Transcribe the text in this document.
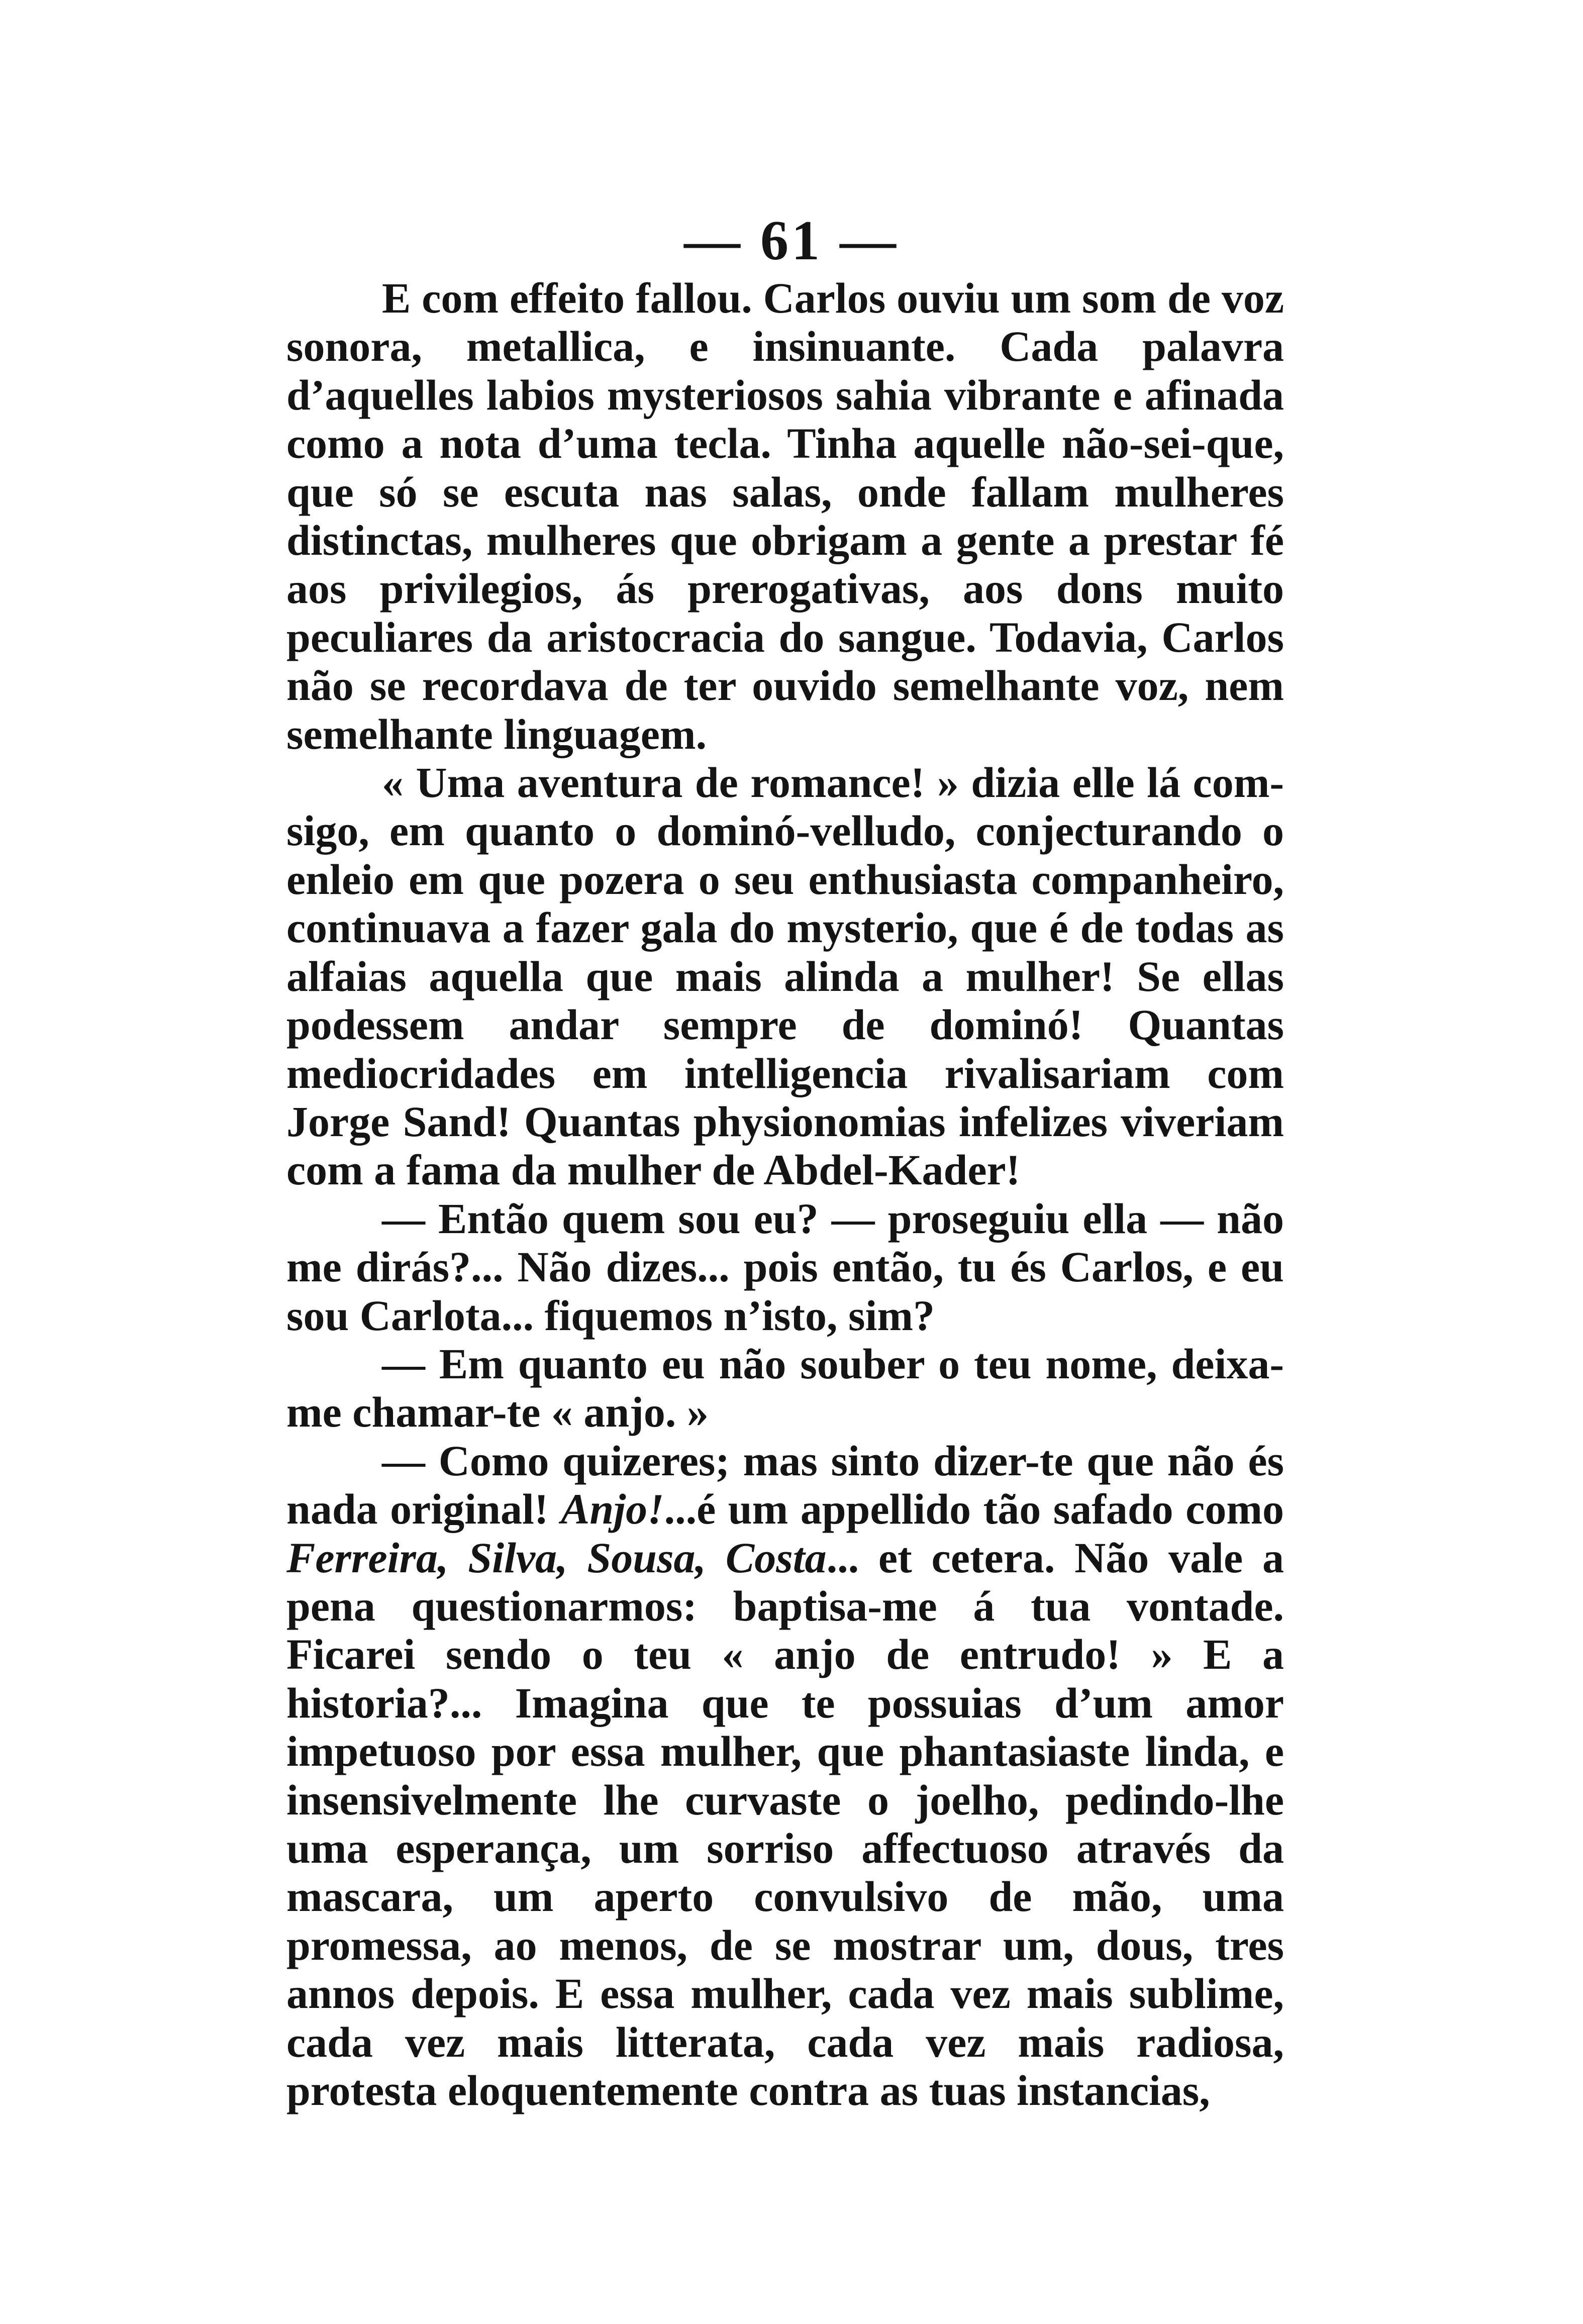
— 61 —

E com effeito fallou. Carlos ouviu um som de voz sonora, metallica, e insinuante. Cada palavra d’aquelles labios mysteriosos sahia vibrante e afinada como a nota d’uma tecla. Tinha aquelle não-sei-que, que só se escuta nas salas, onde fallam mulheres distinctas, mulheres que obrigam a gente a prestar fé aos privilegios, ás prerogativas, aos dons muito peculiares da aristocracia do sangue. Todavia, Carlos não se recordava de ter ouvido semelhante voz, nem semelhante linguagem.

« Uma aventura de romance! » dizia elle lá comsigo, em quanto o dominó-velludo, conjecturando o enleio em que pozera o seu enthusiasta companheiro, continuava a fazer gala do mysterio, que é de todas as alfaias aquella que mais alinda a mulher! Se ellas podessem andar sempre de dominó! Quantas mediocridades em intelligencia rivalisariam com Jorge Sand! Quantas physionomias infelizes viveriam com a fama da mulher de Abdel-Kader!

— Então quem sou eu? — proseguiu ella — não me dirás?... Não dizes... pois então, tu és Carlos, e eu sou Carlota... fiquemos n’isto, sim?

— Em quanto eu não souber o teu nome, deixame chamar-te « anjo. »

— Como quizeres; mas sinto dizer-te que não és nada original! Anjo!...é um appellido tão safado como Ferreira, Silva, Sousa, Costa... et cetera. Não vale a pena questionarmos: baptisa-me á tua vontade. Ficarei sendo o teu « anjo de entrudo! » E a historia?... Imagina que te possuias d’um amor impetuoso por essa mulher, que phantasiaste linda, e insensivelmente lhe curvaste o joelho, pedindo-lhe uma esperança, um sorriso affectuoso através da mascara, um aperto convulsivo de mão, uma promessa, ao menos, de se mostrar um, dous, tres annos depois. E essa mulher, cada vez mais sublime, cada vez mais litterata, cada vez mais radiosa, protesta eloquentemente contra as tuas instancias,
